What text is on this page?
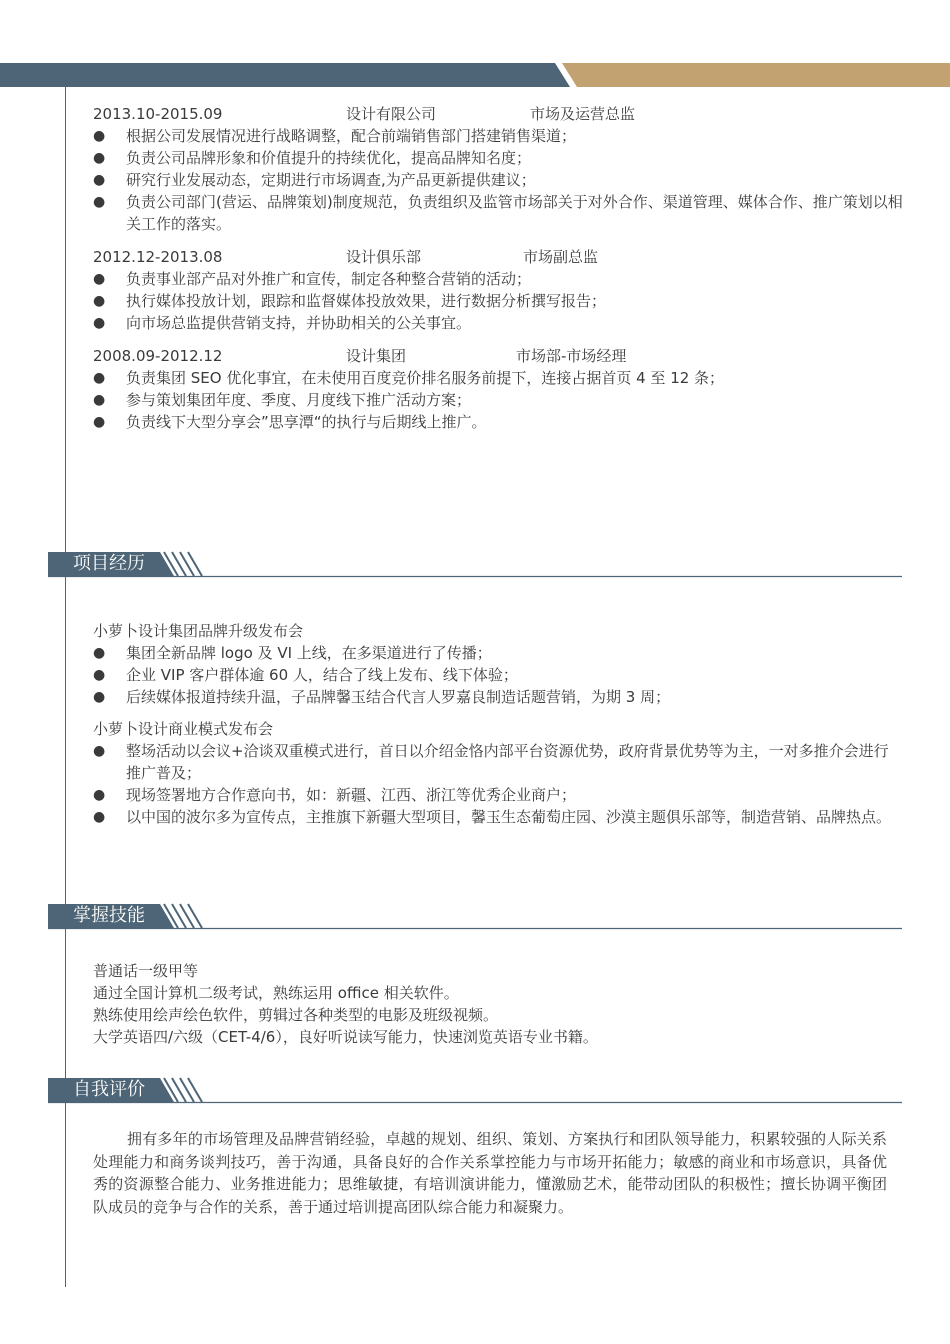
2013.10-2015.09	设计有限公司	市场及运营总监
● 根据公司发展情况进行战略调整，配合前端销售部门搭建销售渠道；
● 负责公司品牌形象和价值提升的持续优化，提高品牌知名度；
● 研究行业发展动态，定期进行市场调查,为产品更新提供建议；
● 负责公司部门(营运、品牌策划)制度规范，负责组织及监管市场部关于对外合作、渠道管理、媒体合作、推广策划以相关工作的落实。
2012.12-2013.08	设计俱乐部	市场副总监
● 负责事业部产品对外推广和宣传，制定各种整合营销的活动；
● 执行媒体投放计划，跟踪和监督媒体投放效果，进行数据分析撰写报告；
● 向市场总监提供营销支持，并协助相关的公关事宜。
2008.09-2012.12	设计集团	市场部-市场经理
● 负责集团 SEO 优化事宜，在未使用百度竞价排名服务前提下，连接占据首页 4 至 12 条；
● 参与策划集团年度、季度、月度线下推广活动方案；
● 负责线下大型分享会”思享潭“的执行与后期线上推广。
项目经历
小萝卜设计集团品牌升级发布会
● 集团全新品牌 logo 及 VI 上线，在多渠道进行了传播；
● 企业 VIP 客户群体逾 60 人，结合了线上发布、线下体验；
● 后续媒体报道持续升温，子品牌馨玉结合代言人罗嘉良制造话题营销，为期 3 周；
小萝卜设计商业模式发布会
● 整场活动以会议+洽谈双重模式进行，首日以介绍金恪内部平台资源优势，政府背景优势等为主，一对多推介会进行推广普及；
● 现场签署地方合作意向书，如：新疆、江西、浙江等优秀企业商户；
● 以中国的波尔多为宣传点，主推旗下新疆大型项目，馨玉生态葡萄庄园、沙漠主题俱乐部等，制造营销、品牌热点。
掌握技能
普通话一级甲等
通过全国计算机二级考试，熟练运用 office 相关软件。
熟练使用绘声绘色软件，剪辑过各种类型的电影及班级视频。
大学英语四/六级（CET-4/6），良好听说读写能力，快速浏览英语专业书籍。
自我评价
拥有多年的市场管理及品牌营销经验，卓越的规划、组织、策划、方案执行和团队领导能力，积累较强的人际关系处理能力和商务谈判技巧，善于沟通，具备良好的合作关系掌控能力与市场开拓能力；敏感的商业和市场意识，具备优秀的资源整合能力、业务推进能力；思维敏捷，有培训演讲能力，懂激励艺术，能带动团队的积极性；擅长协调平衡团队成员的竞争与合作的关系，善于通过培训提高团队综合能力和凝聚力。
